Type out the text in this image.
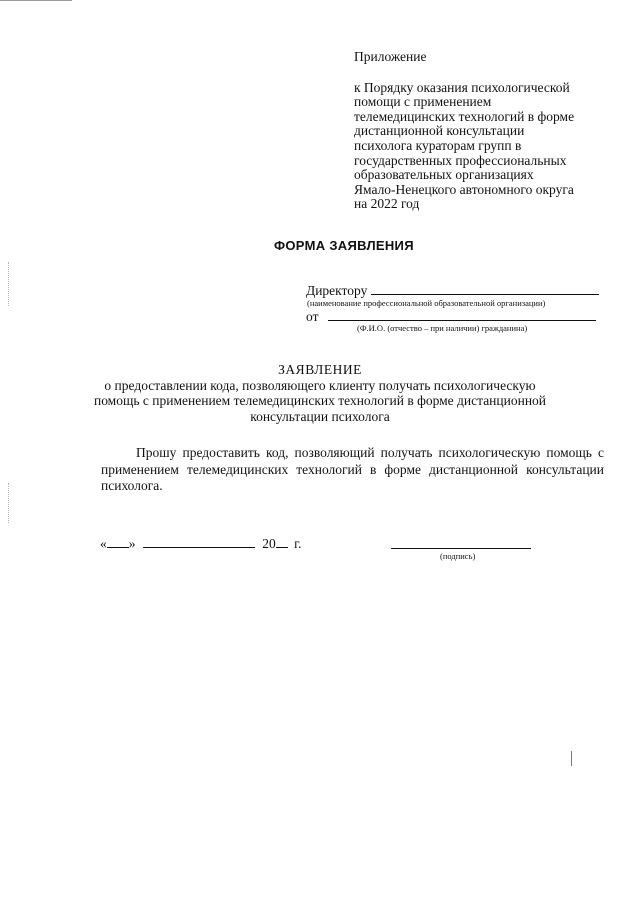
Приложение
к Порядку оказания психологической
помощи с применением
телемедицинских технологий в форме
дистанционной консультации
психолога кураторам групп в
государственных профессиональных
образовательных организациях
Ямало-Ненецкого автономного округа
на 2022 год
ФОРМА ЗАЯВЛЕНИЯ
Директору
(наименование профессиональной образовательной организации)
от
(Ф.И.О. (отчество – при наличии) гражданина)
ЗАЯВЛЕНИЕ
о предоставлении кода, позволяющего клиенту получать психологическую
помощь с применением телемедицинских технологий в форме дистанционной
консультации психолога
Прошу предоставить код, позволяющий получать психологическую помощь с применением телемедицинских технологий в форме дистанционной консультации психолога.
« »	20 г.
(подпись)
